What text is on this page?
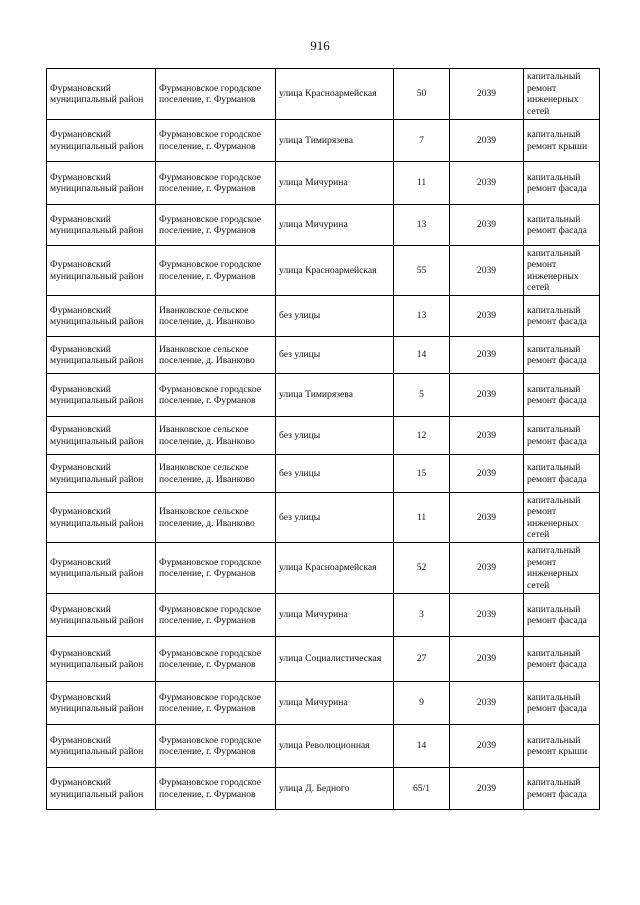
916
Фурмановский муниципальный район	Фурмановское городское поселение, г. Фурманов	улица Красноармейская	50	2039	капитальный ремонт инженерных сетей
Фурмановский муниципальный район	Фурмановское городское поселение, г. Фурманов	улица Тимирязева	7	2039	капитальный ремонт крыши
Фурмановский муниципальный район	Фурмановское городское поселение, г. Фурманов	улица Мичурина	11	2039	капитальный ремонт фасада
Фурмановский муниципальный район	Фурмановское городское поселение, г. Фурманов	улица Мичурина	13	2039	капитальный ремонт фасада
Фурмановский муниципальный район	Фурмановское городское поселение, г. Фурманов	улица Красноармейская	55	2039	капитальный ремонт инженерных сетей
Фурмановский муниципальный район	Иванковское сельское поселение, д. Иванково	без улицы	13	2039	капитальный ремонт фасада
Фурмановский муниципальный район	Иванковское сельское поселение, д. Иванково	без улицы	14	2039	капитальный ремонт фасада
Фурмановский муниципальный район	Фурмановское городское поселение, г. Фурманов	улица Тимирязева	5	2039	капитальный ремонт фасада
Фурмановский муниципальный район	Иванковское сельское поселение, д. Иванково	без улицы	12	2039	капитальный ремонт фасада
Фурмановский муниципальный район	Иванковское сельское поселение, д. Иванково	без улицы	15	2039	капитальный ремонт фасада
Фурмановский муниципальный район	Иванковское сельское поселение, д. Иванково	без улицы	11	2039	капитальный ремонт инженерных сетей
Фурмановский муниципальный район	Фурмановское городское поселение, г. Фурманов	улица Красноармейская	52	2039	капитальный ремонт инженерных сетей
Фурмановский муниципальный район	Фурмановское городское поселение, г. Фурманов	улица Мичурина	3	2039	капитальный ремонт фасада
Фурмановский муниципальный район	Фурмановское городское поселение, г. Фурманов	улица Социалистическая	27	2039	капитальный ремонт фасада
Фурмановский муниципальный район	Фурмановское городское поселение, г. Фурманов	улица Мичурина	9	2039	капитальный ремонт фасада
Фурмановский муниципальный район	Фурмановское городское поселение, г. Фурманов	улица Революционная	14	2039	капитальный ремонт крыши
Фурмановский муниципальный район	Фурмановское городское поселение, г. Фурманов	улица Д. Бедного	65/1	2039	капитальный ремонт фасада
